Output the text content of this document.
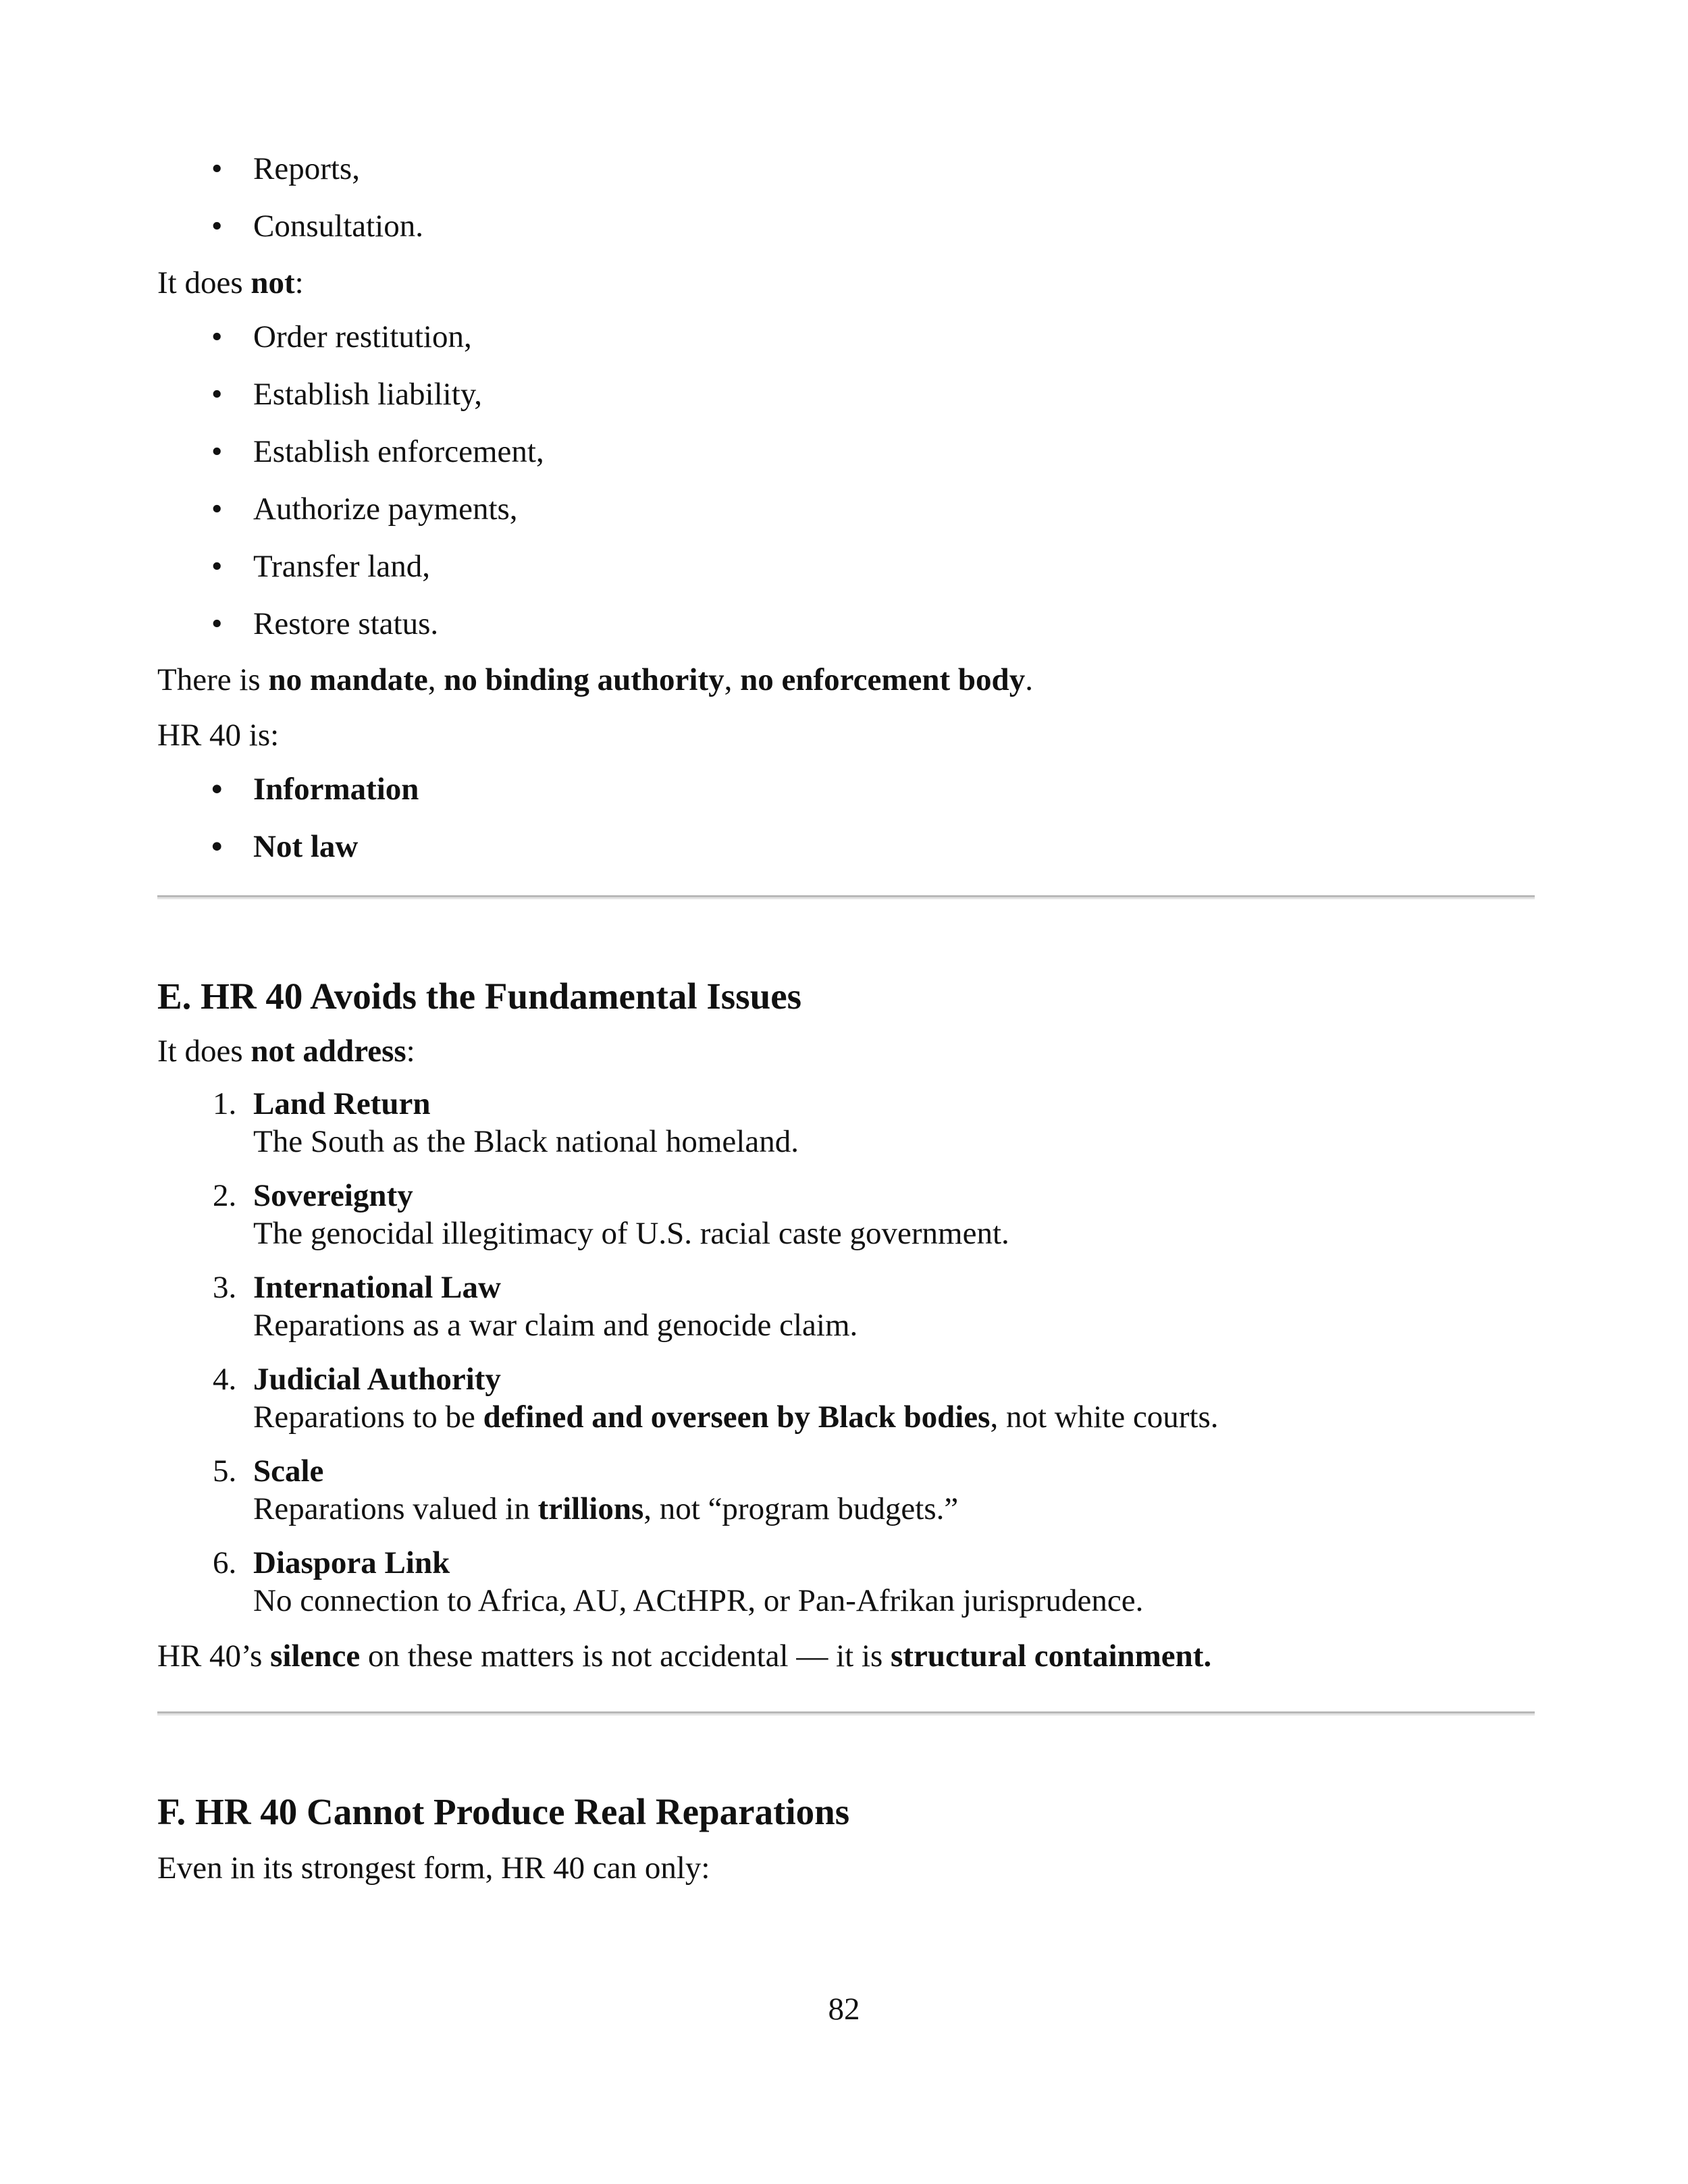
• Reports,
• Consultation.

It does not:

• Order restitution,
• Establish liability,
• Establish enforcement,
• Authorize payments,
• Transfer land,
• Restore status.

There is no mandate, no binding authority, no enforcement body.

HR 40 is:

• Information
• Not law
E. HR 40 Avoids the Fundamental Issues

It does not address:

1. Land Return
The South as the Black national homeland.
2. Sovereignty
The genocidal illegitimacy of U.S. racial caste government.
3. International Law
Reparations as a war claim and genocide claim.
4. Judicial Authority
Reparations to be defined and overseen by Black bodies, not white courts.
5. Scale
Reparations valued in trillions, not “program budgets.”
6. Diaspora Link
No connection to Africa, AU, ACtHPR, or Pan-Afrikan jurisprudence.

HR 40’s silence on these matters is not accidental — it is structural containment.

F. HR 40 Cannot Produce Real Reparations

Even in its strongest form, HR 40 can only:

82
